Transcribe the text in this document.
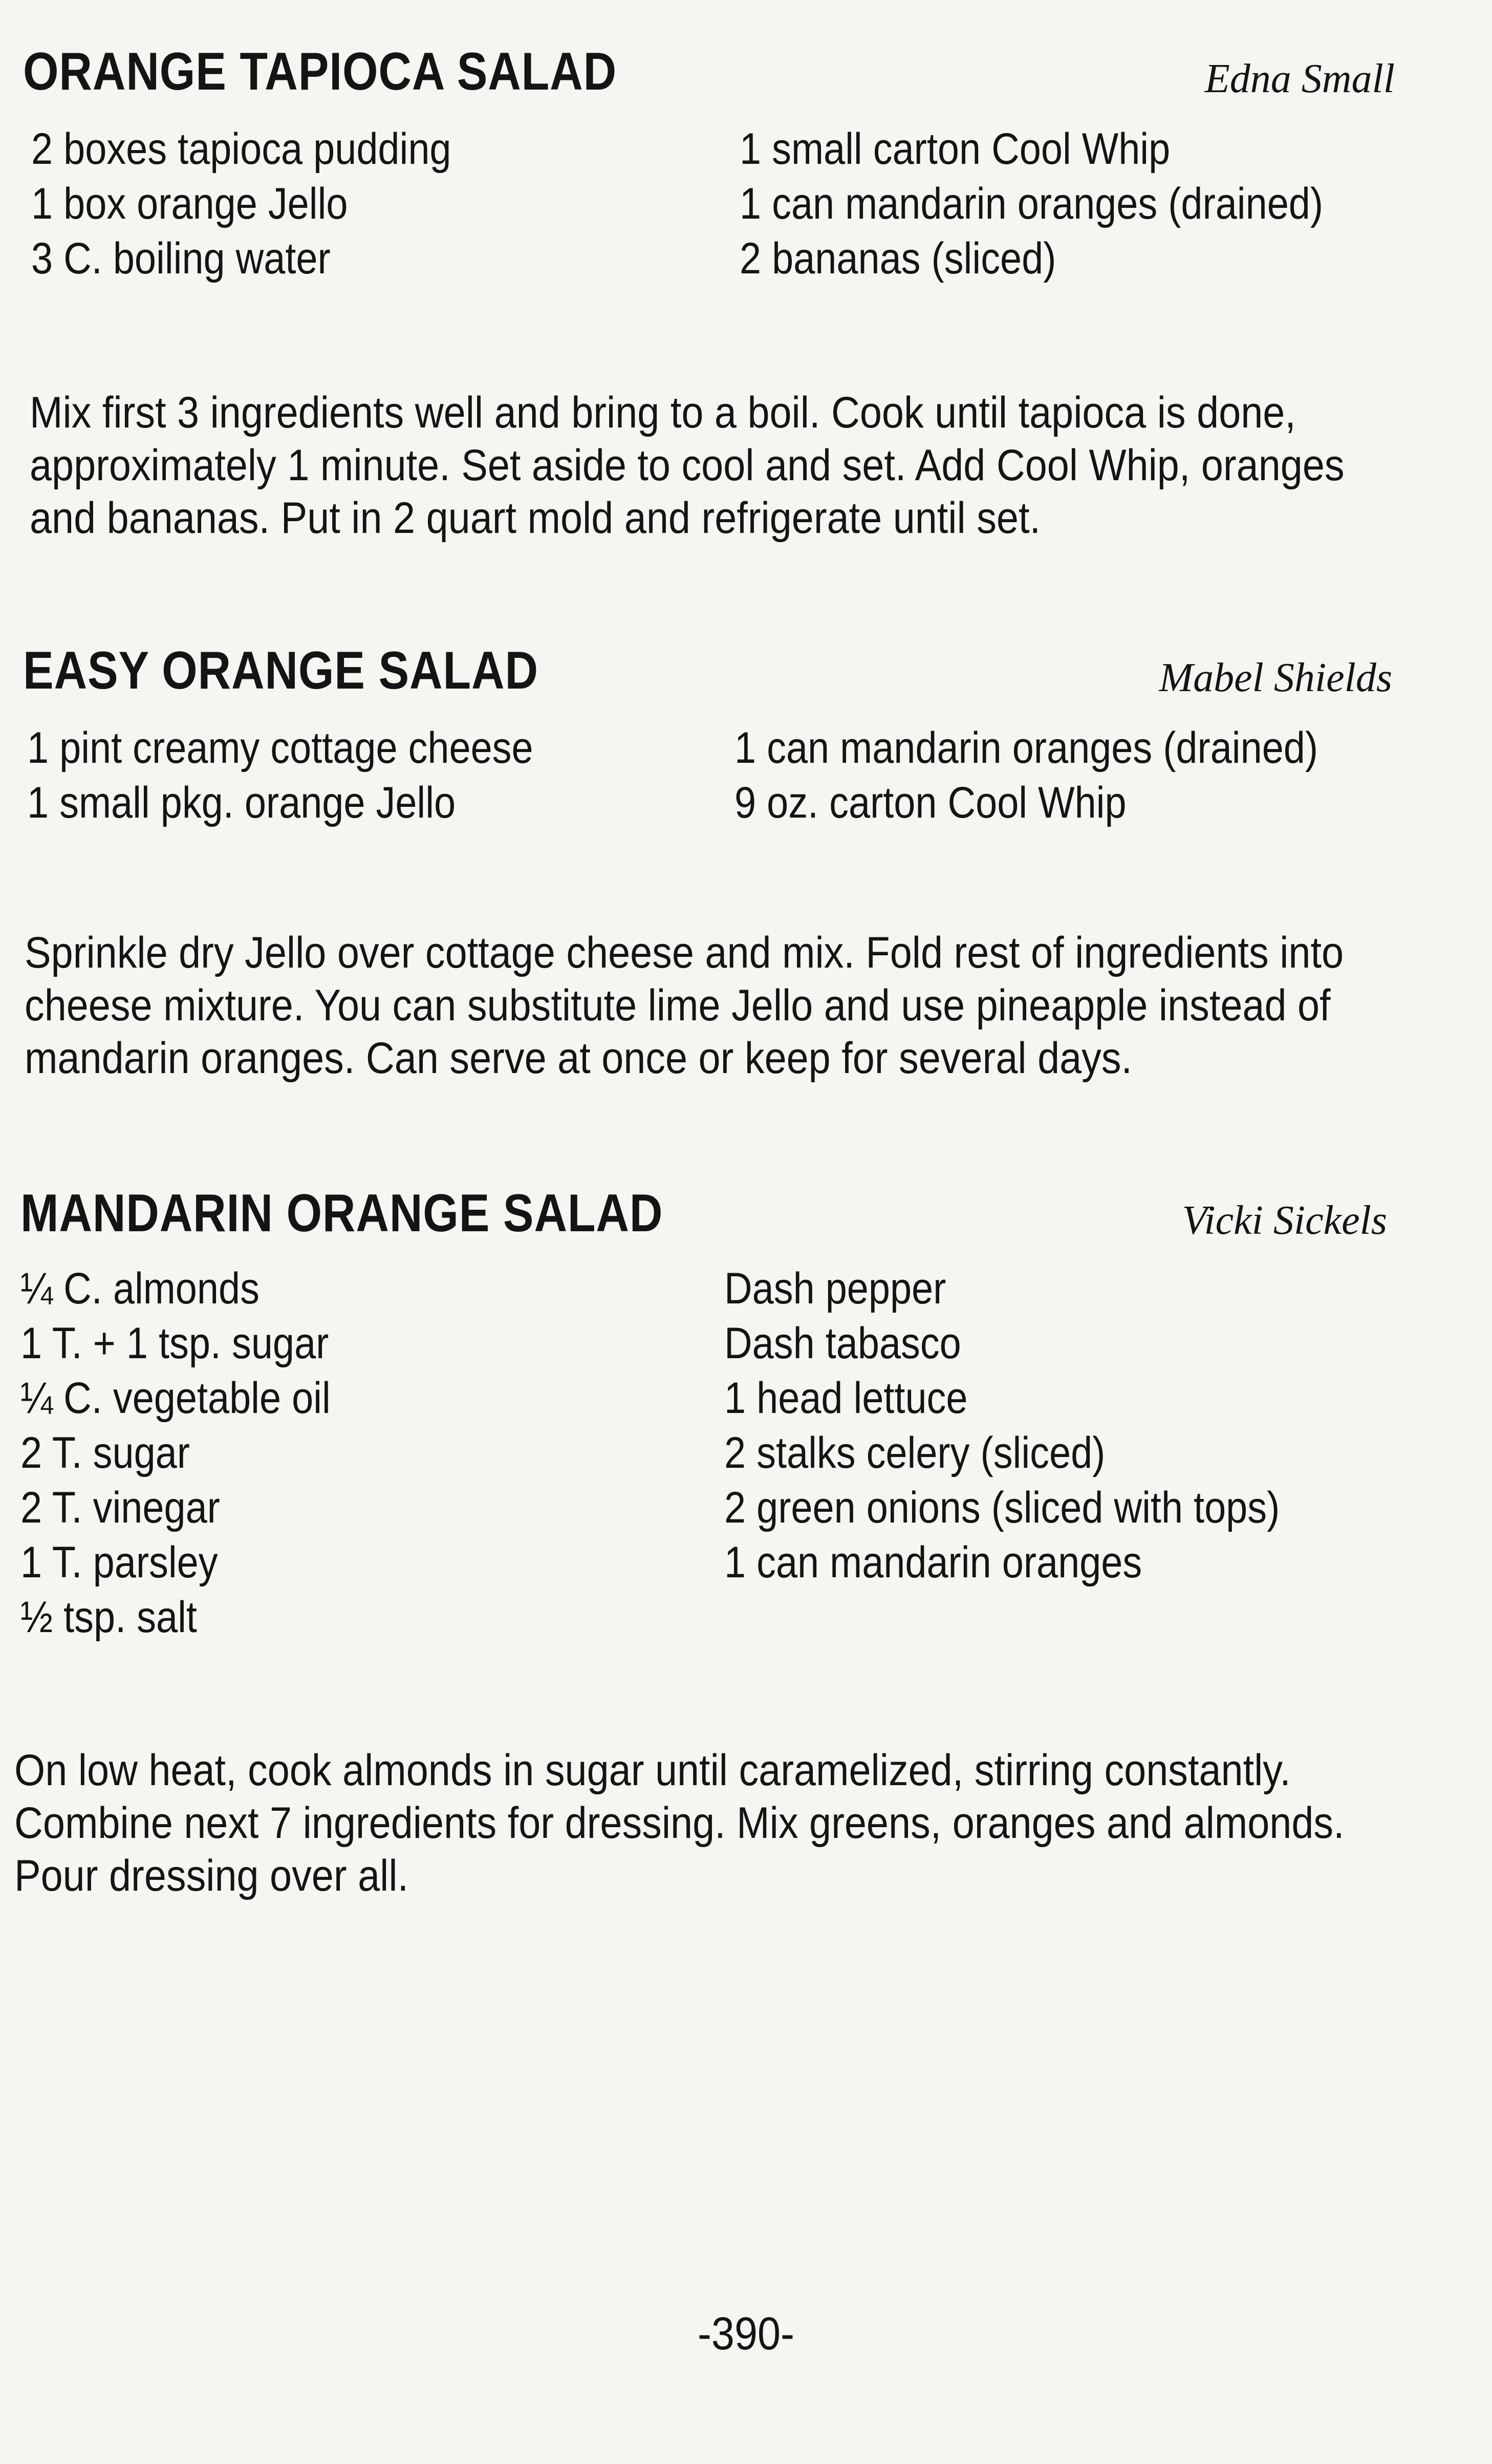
ORANGE TAPIOCA SALAD	Edna Small
2 boxes tapioca pudding
1 box orange Jello
3 C. boiling water
1 small carton Cool Whip
1 can mandarin oranges (drained)
2 bananas (sliced)
Mix first 3 ingredients well and bring to a boil. Cook until tapioca is done,
approximately 1 minute. Set aside to cool and set. Add Cool Whip, oranges
and bananas. Put in 2 quart mold and refrigerate until set.
EASY ORANGE SALAD	Mabel Shields
1 pint creamy cottage cheese
1 small pkg. orange Jello
1 can mandarin oranges (drained)
9 oz. carton Cool Whip
Sprinkle dry Jello over cottage cheese and mix. Fold rest of ingredients into
cheese mixture. You can substitute lime Jello and use pineapple instead of
mandarin oranges. Can serve at once or keep for several days.
MANDARIN ORANGE SALAD	Vicki Sickels
¼ C. almonds
1 T. + 1 tsp. sugar
¼ C. vegetable oil
2 T. sugar
2 T. vinegar
1 T. parsley
½ tsp. salt
Dash pepper
Dash tabasco
1 head lettuce
2 stalks celery (sliced)
2 green onions (sliced with tops)
1 can mandarin oranges
On low heat, cook almonds in sugar until caramelized, stirring constantly.
Combine next 7 ingredients for dressing. Mix greens, oranges and almonds.
Pour dressing over all.
-390-
